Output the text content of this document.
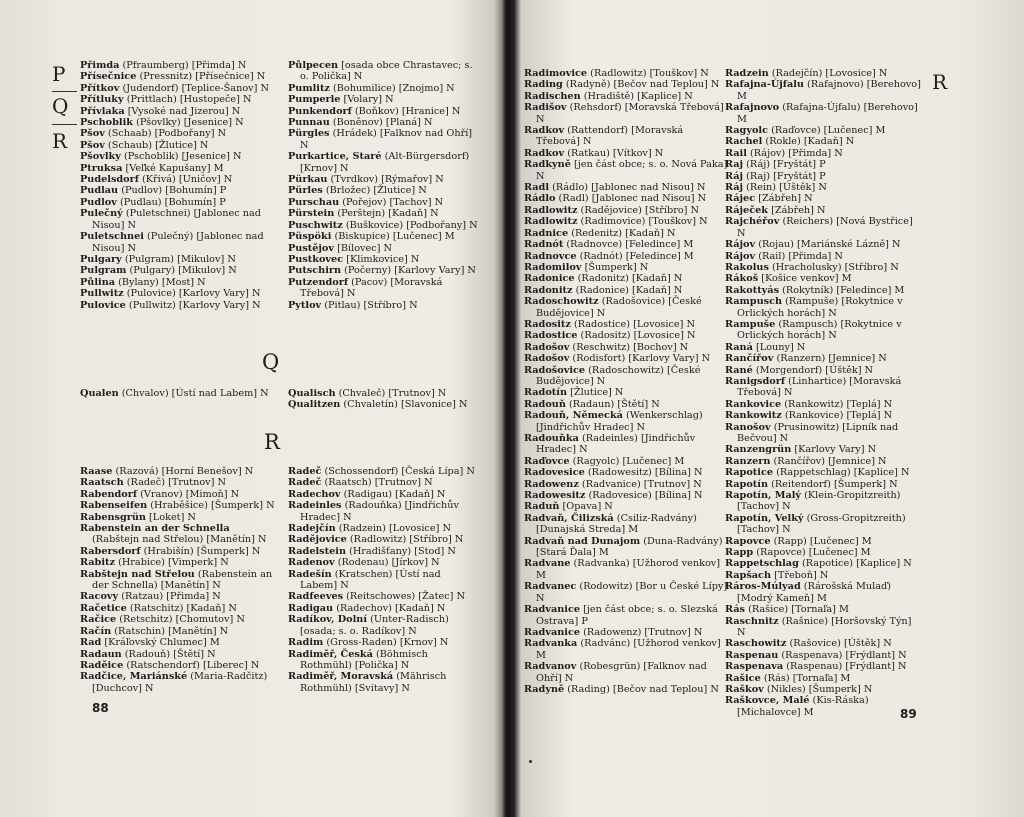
P
Q
R

Přimda (Pfraumberg) [Přimda] N

Přísečnice (Pressnitz) [Přísečnice] N

Přítkov (Judendorf) [Teplice-Šanov] N

Přítluky (Prittlach) [Hustopeče] N

Přívlaka [Vysoké nad Jizerou] N

Pschoblik (Pšovlky) [Jesenice] N

Pšov (Schaab) [Podbořany] N

Pšov (Schaub) [Žlutice] N

Pšovlky (Pschoblik) [Jesenice] N

Ptruksa [Veľké Kapušany] M

Pudelsdorf (Křivá) [Uničov] N

Pudlau (Pudlov) [Bohumín] P

Pudlov (Pudlau) [Bohumín] P

Pulečný (Puletschnei) [Jablonec nad Nisou] N

Puletschnei (Pulečný) [Jablonec nad Nisou] N

Pulgary (Pulgram) [Mikulov] N

Pulgram (Pulgary) [Mikulov] N

Půlina (Bylany) [Most] N

Pullwitz (Pulovice) [Karlovy Vary] N

Pulovice (Pullwitz) [Karlovy Vary] N

Půlpecen [osada obce Chrastavec; s. o. Polička] N

Pumlitz (Bohumilice) [Znojmo] N

Pumperle [Volary] N

Punkendorf (Boňkov) [Hranice] N

Punnau (Boněnov) [Planá] N

Pürgles (Hrádek) [Falknov nad Ohří] N

Purkartice, Staré (Alt-Bürgersdorf) [Krnov] N

Pürkau (Tvrdkov) [Rýmařov] N

Pürles (Brložec) [Žlutice] N

Purschau (Pořejov) [Tachov] N

Pürstein (Perštejn) [Kadaň] N

Puschwitz (Buškovice) [Podbořany] N

Püspöki (Biskupice) [Lučenec] M

Pustějov [Bílovec] N

Pustkovec [Klimkovice] N

Putschirn (Počerny) [Karlovy Vary] N

Putzendorf (Pacov) [Moravská Třebová] N

Pytlov (Pitlau) [Stříbro] N

Q

Qualen (Chvalov) [Ústí nad Labem] N	Qualisch (Chvaleč) [Trutnov] N

Qualitzen (Chvaletín) [Slavonice] N

R

Raase (Razová) [Horní Benešov] N

Raatsch (Radeč) [Trutnov] N

Rabendorf (Vranov) [Mimoň] N

Rabenseifen (Hraběšice) [Šumperk] N

Rabensgrün [Loket] N

Rabenstein an der Schnella (Rabštejn nad Střelou) [Manětín] N

Rabersdorf (Hrabišín) [Šumperk] N

Rabitz (Hrabice) [Vimperk] N

Rabštejn nad Střelou (Rabenstein an der Schnella) [Manětín] N

Racovy (Ratzau) [Přimda] N

Račetice (Ratschitz) [Kadaň] N

Račice (Retschitz) [Chomutov] N

Račín (Ratschin) [Manětín] N

Rad [Kráľovský Chlumec] M

Radaun (Radouň) [Štětí] N

Raděice (Ratschendorf) [Liberec] N

Radčice, Mariánské (Maria-Radčitz) [Duchcov] N

Radeč (Schossendorf) [Česká Lípa] N

Radeč (Raatsch) [Trutnov] N

Radechov (Radigau) [Kadaň] N

Radeinles (Radouňka) [Jindřichův Hradec] N

Radejčín (Radzein) [Lovosice] N

Radějovice (Radlowitz) [Stříbro] N

Radelstein (Hradišťany) [Stod] N

Radenov (Rodenau) [Jírkov] N

Radešín (Kratschen) [Ústí nad Labem] N

Radfeeves (Reitschowes) [Žatec] N

Radigau (Radechov) [Kadaň] N

Radíkov, Dolní (Unter-Radisch) [osada; s. o. Radíkov] N

Radim (Gross-Raden) [Krnov] N

Radiměř, Česká (Böhmisch Rothmühl) [Polička] N

Radiměř, Moravská (Mährisch Rothmühl) [Svitavy] N

88

Radimovice (Radlowitz) [Touškov] N

Rading (Radyně) [Bečov nad Teplou] N

Radischen (Hradiště) [Kaplice] N

Radišov (Rehsdorf) [Moravská Třebová] N

Radkov (Rattendorf) [Moravská Třebová] N

Radkov (Ratkau) [Vítkov] N

Radkyně [jen část obce; s. o. Nová Paka] N

Radl (Rádlo) [Jablonec nad Nisou] N

Rádlo (Radl) [Jablonec nad Nisou] N

Radlowitz (Radějovice) [Stříbro] N

Radlowitz (Radimovice) [Touškov] N

Radnice (Redenitz) [Kadaň] N

Radnót (Radnovce) [Feledince] M

Radnovce (Radnót) [Feledince] M

Radomilov [Šumperk] N

Radonice (Radonitz) [Kadaň] N

Radonitz (Radonice) [Kadaň] N

Radoschowitz (Radošovice) [České Budějovice] N

Radositz (Radostice) [Lovosice] N

Radostice (Radositz) [Lovosice] N

Radošov (Reschwitz) [Bochov] N

Radošov (Rodisfort) [Karlovy Vary] N

Radošovice (Radoschowitz) [České Budějovice] N

Radotín [Žlutice] N

Radouň (Radaun) [Štětí] N

Radouň, Německá (Wenkerschlag) [Jindřichův Hradec] N

Radouňka (Radeinles) [Jindřichův Hradec] N

Raďovce (Ragyolc) [Lučenec] M

Radovesice (Radowesitz) [Bílina] N

Radowenz (Radvanice) [Trutnov] N

Radowesitz (Radovesice) [Bílina] N

Raduň [Opava] N

Radvaň, Čilizská (Csiliz-Radvány) [Dunajská Streda] M

Radvaň nad Dunajom (Duna-Radvány) [Stará Ďala] M

Radvane (Radvanka) [Užhorod venkov] M

Radvanec (Rodowitz) [Bor u České Lípy] N

Radvanice [jen část obce; s. o. Slezská Ostrava] P

Radvanice (Radowenz) [Trutnov] N

Radvanka (Radvánc) [Užhorod venkov] M

Radvanov (Robesgrün) [Falknov nad Ohří] N

Radyně (Rading) [Bečov nad Teplou] N

Radzein (Radejčín) [Lovosice] N

Rafajna-Újfalu (Rafajnovo) [Berehovo] M

Rafajnovo (Rafajna-Újfalu) [Berehovo] M

Ragyolc (Raďovce) [Lučenec] M

Rachel (Rokle) [Kadaň] N

Rail (Rájov) [Přimda] N

Raj (Ráj) [Fryštát] P

Ráj (Raj) [Fryštát] P

Ráj (Rein) [Úštěk] N

Rájec [Zábřeh] N

Ráječek [Zábřeh] N

Rajchéřov (Reichers) [Nová Bystřice] N

Rájov (Rojau) [Mariánské Lázně] N

Rájov (Rail) [Přimda] N

Rakolus (Hracholusky) [Stříbro] N

Rákoš [Košice venkov] M

Rakottyás (Rokytník) [Feledince] M

Rampusch (Rampuše) [Rokytnice v Orlických horách] N

Rampuše (Rampusch) [Rokytnice v Orlických horách] N

Raná [Louny] N

Rančířov (Ranzern) [Jemnice] N

Rané (Morgendorf) [Úštěk] N

Ranigsdorf (Linhartice) [Moravská Třebová] N

Rankovice (Rankowitz) [Teplá] N

Rankowitz (Rankovice) [Teplá] N

Ranošov (Prusinowitz) [Lipník nad Bečvou] N

Ranzengrün [Karlovy Vary] N

Ranzern (Rančířov) [Jemnice] N

Rapotice (Rappetschlag) [Kaplice] N

Rapotín (Reitendorf) [Šumperk] N

Rapotín, Malý (Klein-Gropitzreith) [Tachov] N

Rapotín, Velký (Gross-Gropitzreith) [Tachov] N

Rapovce (Rapp) [Lučenec] M

Rapp (Rapovce) [Lučenec] M

Rappetschlag (Rapotice) [Kaplice] N

Rapšach [Třeboň] N

Ráros-Múlyad (Rárošská Mulaď) [Modrý Kameň] M

Rás (Rašice) [Tornaľa] M

Raschnitz (Rašnice) [Horšovský Týn] N

Raschowitz (Rašovice) [Úštěk] N

Raspenau (Raspenava) [Frýdlant] N

Raspenava (Raspenau) [Frýdlant] N

Rašice (Rás) [Tornaľa] M

Raškov (Nikles) [Šumperk] N

Raškovce, Malé (Kis-Ráska) [Michalovce] M

R
89
